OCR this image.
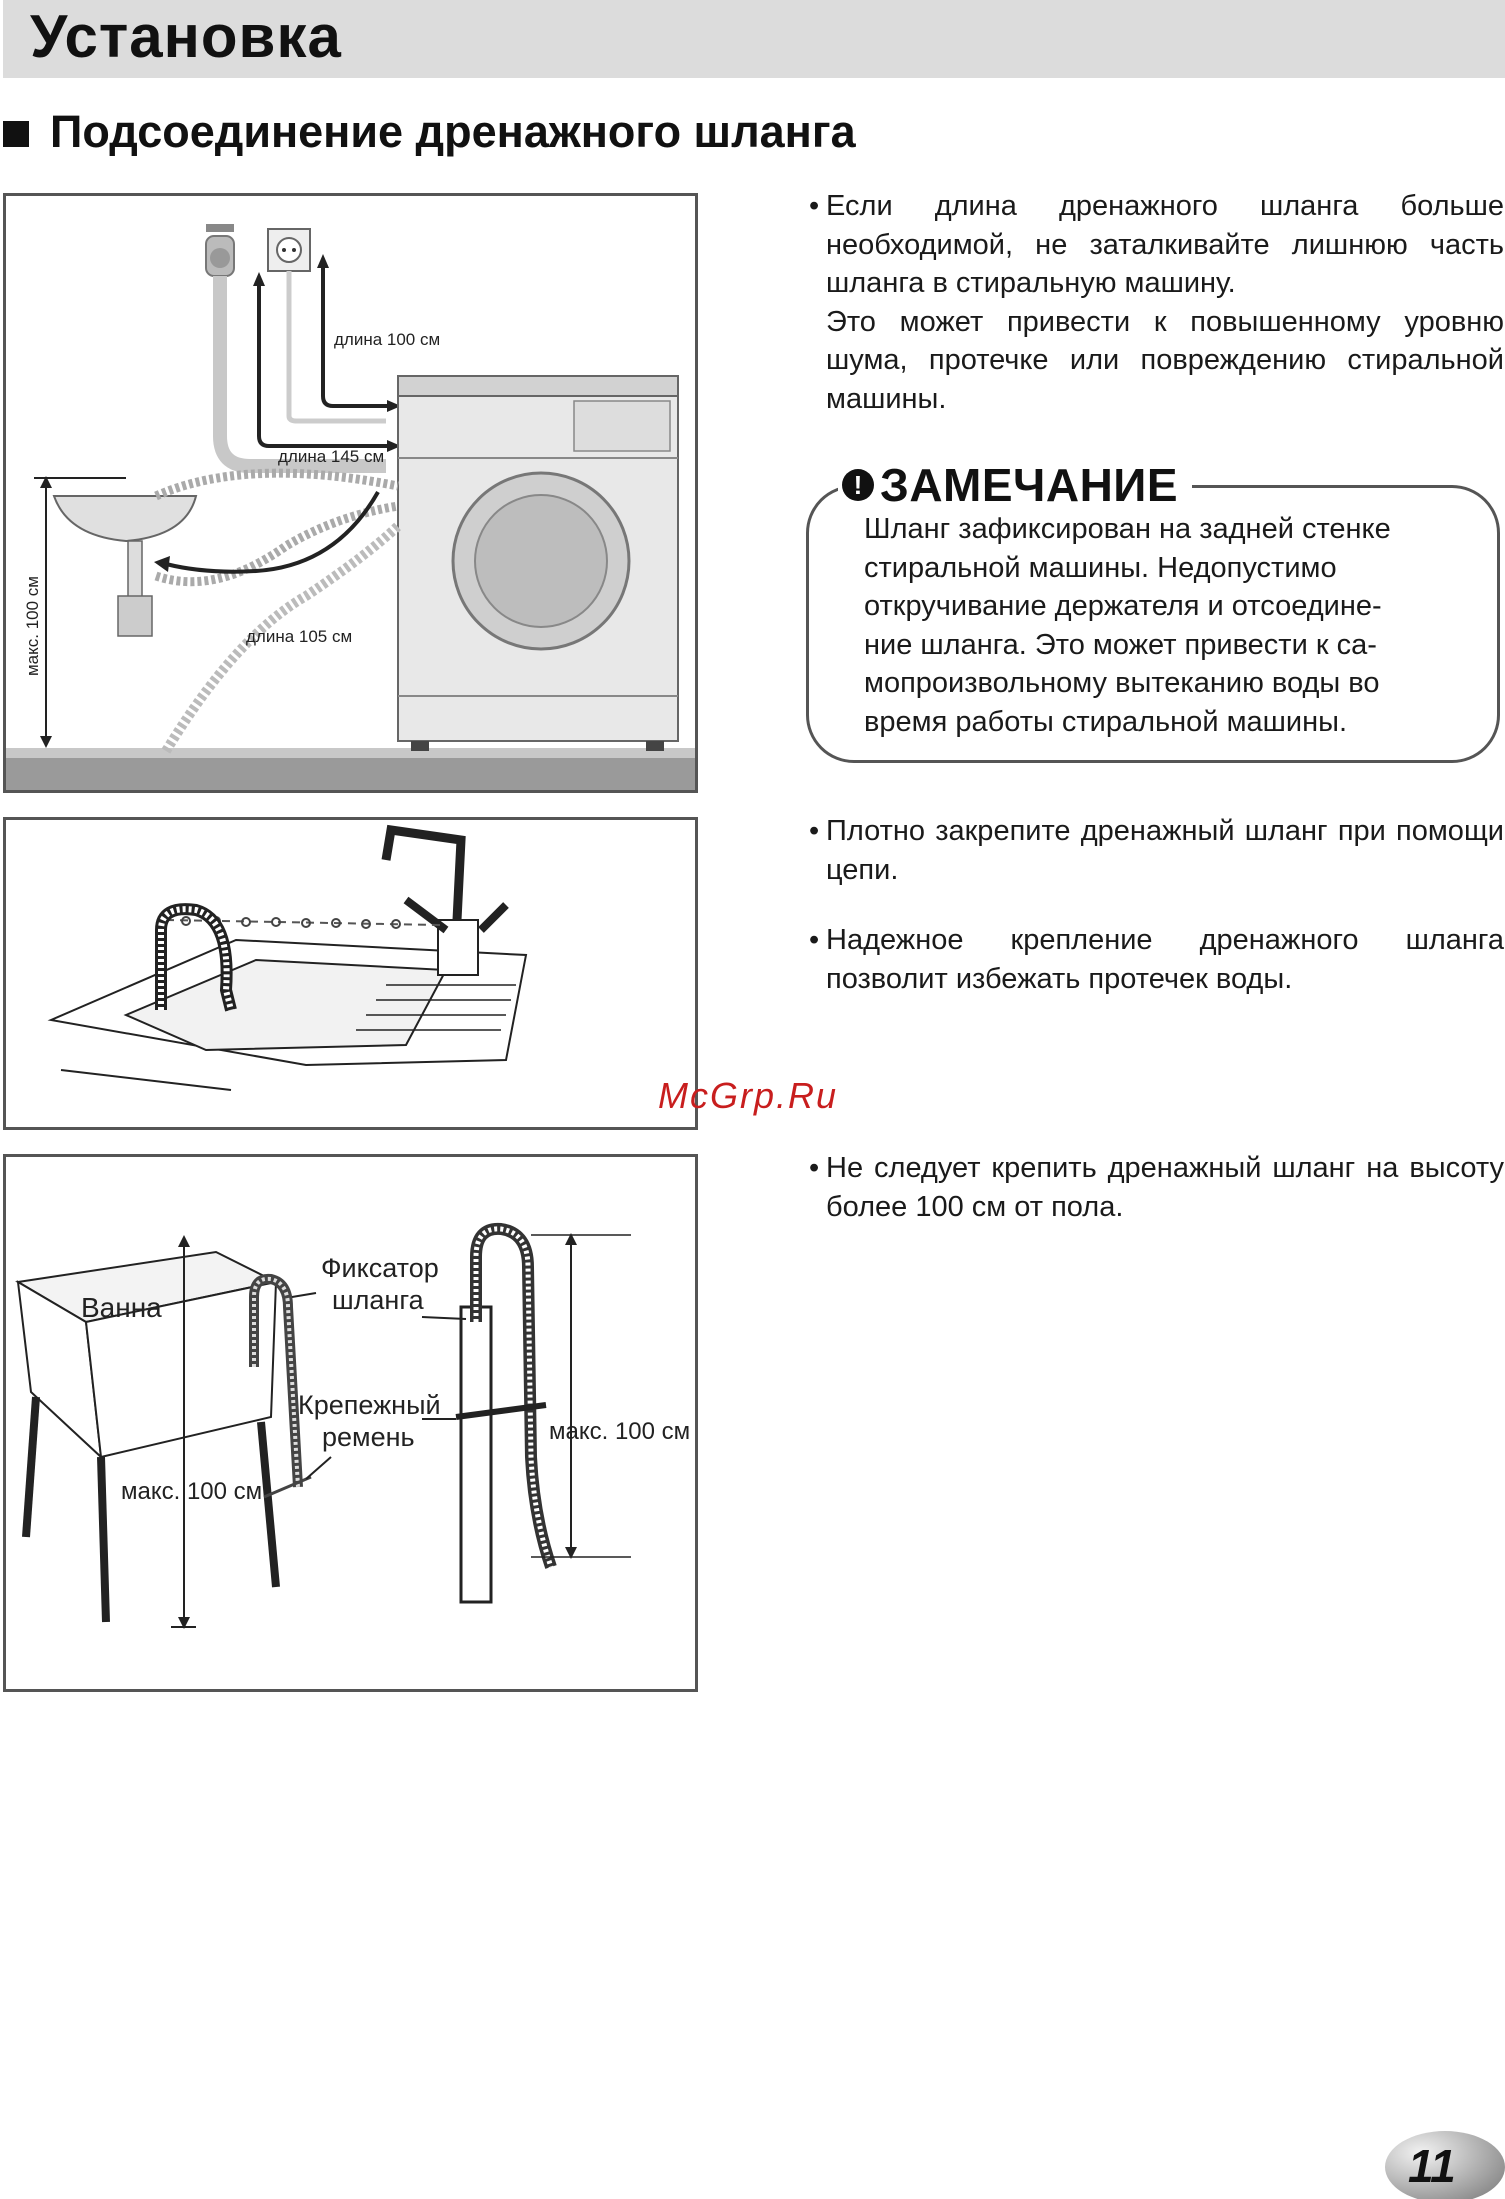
Установка
Подсоединение дренажного шланга
длина 100 см
длина 145 см
длина 105 см
макс. 100 см
Ванна
Фиксатор
шланга
Крепежный
ремень
макс. 100 см
макс. 100 см
• Если длина дренажного шланга больше необходимой, не заталкивайте лишнюю часть шланга в стиральную машину.

Это может привести к повышенному уровню шума, протечке или повреждению стиральной машины.

! ЗАМЕЧАНИЕ
Шланг зафиксирован на задней стенке
стиральной машины. Недопустимо
откручивание держателя и отсоедине-
ние шланга. Это может привести к са-
мопроизвольному вытеканию воды во
время работы стиральной машины.
• Плотно закрепите дренажный шланг при помощи цепи.

• Надежное крепление дренажного шланга позволит избежать протечек воды.

McGrp.Ru
• Не следует крепить дренажный шланг на высоту более 100 см от пола.

11
